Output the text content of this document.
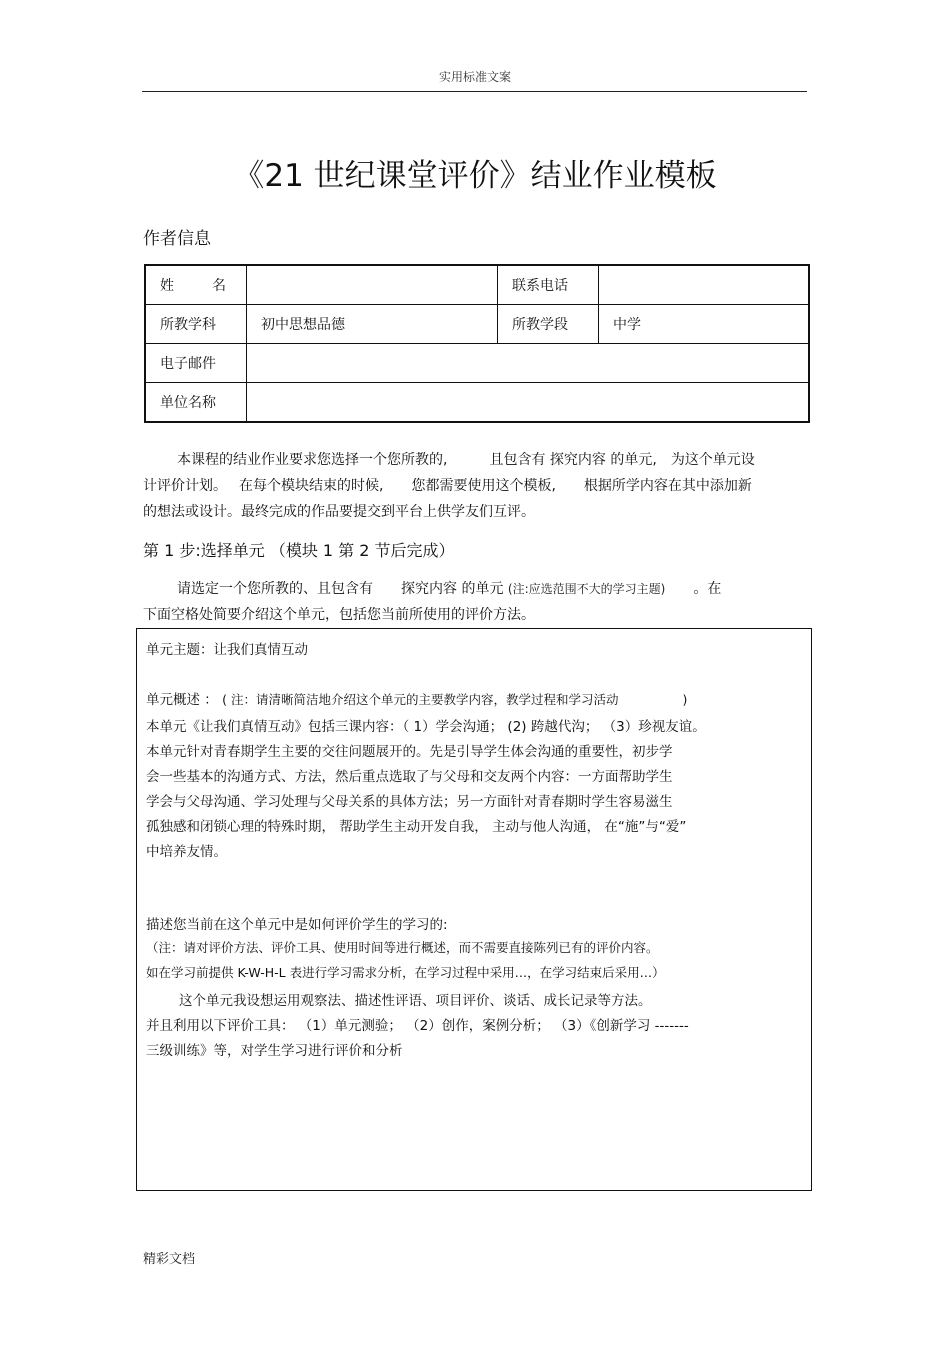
实用标准文案
《21 世纪课堂评价》结业作业模板
作者信息
姓 名		联系电话	
所教学科	初中思想品德	所教学段	中学
电子邮件			
单位名称			
本课程的结业作业要求您选择一个您所教的,	且包含有 探究内容 的单元, 为这个单元设
计评价计划。 在每个模块结束的时候, 您都需要使用这个模板, 根据所学内容在其中添加新
的想法或设计。最终完成的作品要提交到平台上供学友们互评。
第 1 步:选择单元 （模块 1 第 2 节后完成）
请选定一个您所教的、且包含有 探究内容 的单元 (注:应选范围不大的学习主题) 。在
下面空格处简要介绍这个单元，包括您当前所使用的评价方法。
单元主题：让我们真情互动
单元概述 ： ( 注：请清晰简洁地介绍这个单元的主要教学内容，教学过程和学习活动	)
本单元《让我们真情互动》包括三课内容：（ 1）学会沟通； (2) 跨越代沟； （3）珍视友谊。
本单元针对青春期学生主要的交往问题展开的。先是引导学生体会沟通的重要性，初步学
会一些基本的沟通方式、方法，然后重点选取了与父母和交友两个内容：一方面帮助学生
学会与父母沟通、学习处理与父母关系的具体方法；另一方面针对青春期时学生容易滋生
孤独感和闭锁心理的特殊时期， 帮助学生主动开发自我， 主动与他人沟通， 在“施”与“爱”
中培养友情。
描述您当前在这个单元中是如何评价学生的学习的:
（注：请对评价方法、评价工具、使用时间等进行概述，而不需要直接陈列已有的评价内容。
如在学习前提供 K-W-H-L 表进行学习需求分析，在学习过程中采用…，在学习结束后采用…）
这个单元我设想运用观察法、描述性评语、项目评价、谈话、成长记录等方法。
并且利用以下评价工具： （1）单元测验； （2）创作，案例分析； （3）《创新学习 -------
三级训练》等，对学生学习进行评价和分析
精彩文档
